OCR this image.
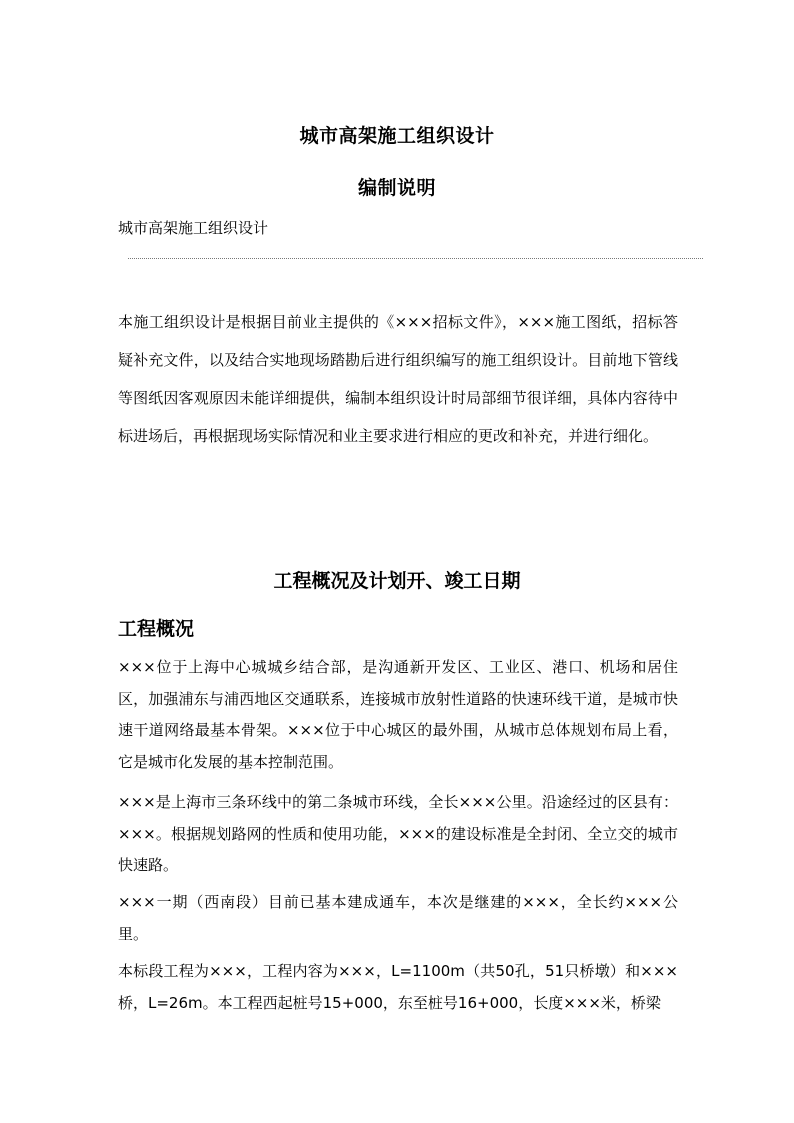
城市高架施工组织设计
编制说明
城市高架施工组织设计

本施工组织设计是根据目前业主提供的《×××招标文件》，×××施工图纸，招标答疑补充文件，以及结合实地现场踏勘后进行组织编写的施工组织设计。目前地下管线等图纸因客观原因未能详细提供，编制本组织设计时局部细节很详细，具体内容待中标进场后，再根据现场实际情况和业主要求进行相应的更改和补充，并进行细化。

工程概况及计划开、竣工日期
工程概况

×××位于上海中心城城乡结合部，是沟通新开发区、工业区、港口、机场和居住区，加强浦东与浦西地区交通联系，连接城市放射性道路的快速环线干道，是城市快速干道网络最基本骨架。×××位于中心城区的最外围，从城市总体规划布局上看，它是城市化发展的基本控制范围。

×××是上海市三条环线中的第二条城市环线，全长×××公里。沿途经过的区县有：×××。根据规划路网的性质和使用功能，×××的建设标准是全封闭、全立交的城市快速路。

×××一期（西南段）目前已基本建成通车，本次是继建的×××，全长约×××公里。

本标段工程为×××，工程内容为×××，L=1100m（共50孔，51只桥墩）和×××桥，L=26m。本工程西起桩号15+000，东至桩号16+000，长度×××米，桥梁
